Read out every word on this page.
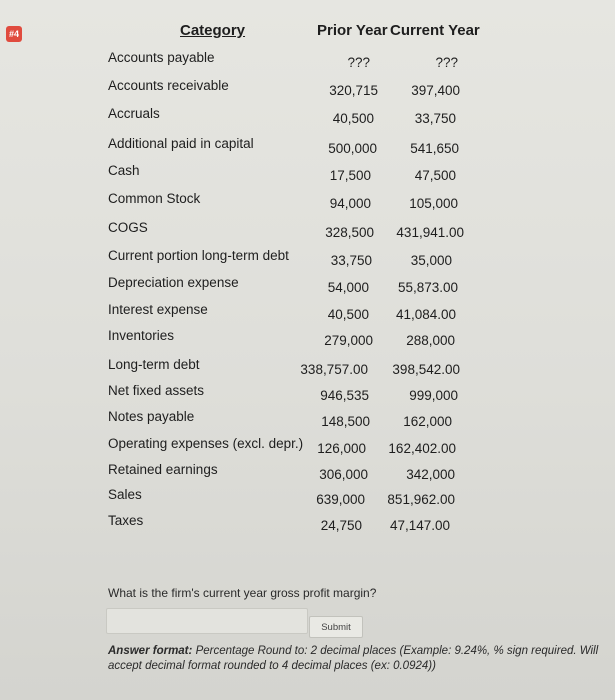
#4	Category	Prior Year Current Year
Accounts payable	???	???
Accounts receivable	320,715 397,400
Accruals	40,500	33,750
Additional paid in capital	500,000 541,650
Cash	17,500	47,500
Common Stock	94,000	105,000
COGS	328,500 431,941.00
Current portion long-term debt	33,750	35,000
Depreciation expense	54,000 55,873.00
Interest expense	40,500 41,084.00
Inventories	279,000 288,000
Long-term debt	338,757.00 398,542.00
Net fixed assets	946,535	999,000
Notes payable	148,500 162,000
Operating expenses (excl. depr.) 126,000 162,402.00
Retained earnings	306,000	342,000
Sales	639,000 851,962.00
Taxes	24,750 47,147.00
What is the firm's current year gross profit margin?
Submit
Answer format: Percentage Round to: 2 decimal places (Example: 9.24%, % sign required. Will accept decimal format rounded to 4 decimal places (ex: 0.0924))
